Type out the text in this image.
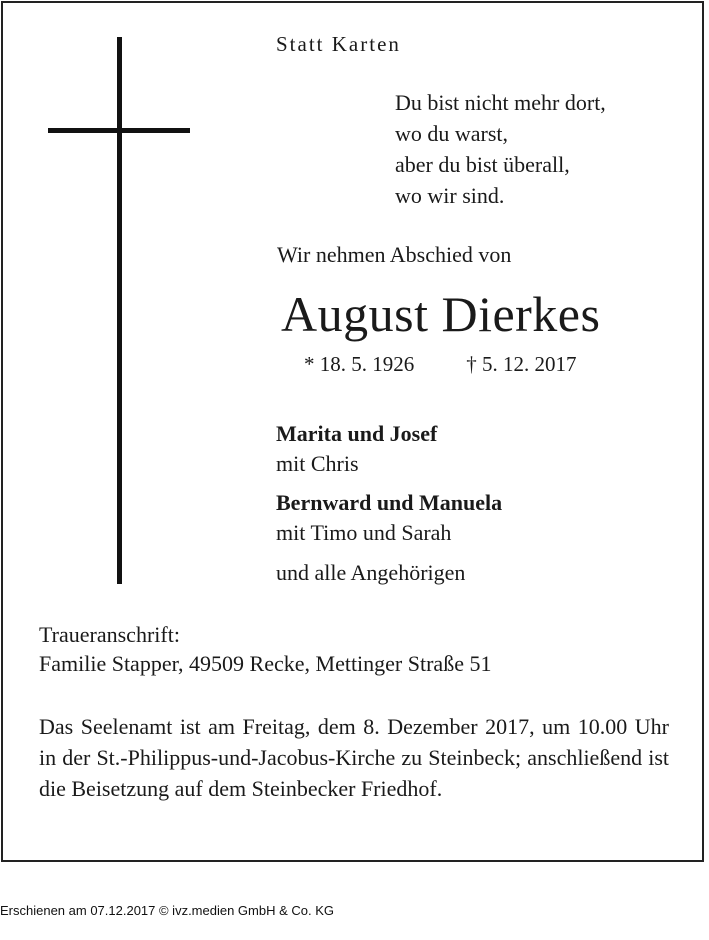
Statt Karten
Du bist nicht mehr dort,
wo du warst,
aber du bist überall,
wo wir sind.
Wir nehmen Abschied von
August Dierkes
* 18. 5. 1926 † 5. 12. 2017
Marita und Josef
mit Chris
Bernward und Manuela
mit Timo und Sarah
und alle Angehörigen
Traueranschrift:
Familie Stapper, 49509 Recke, Mettinger Straße 51
Das Seelenamt ist am Freitag, dem 8. Dezember 2017, um 10.00 Uhr in der St.-Philippus-und-Jacobus-Kirche zu Steinbeck; anschließend ist die Beisetzung auf dem Steinbecker Friedhof.
Erschienen am 07.12.2017 © ivz.medien GmbH & Co. KG
